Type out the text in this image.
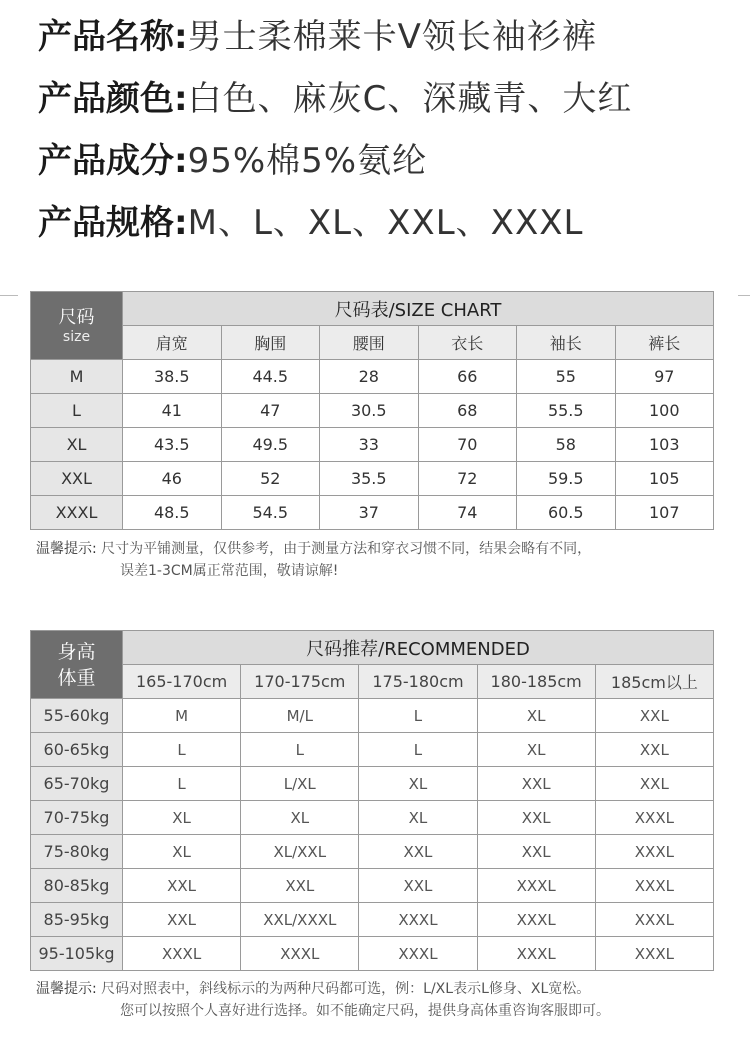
产品名称:男士柔棉莱卡V领长袖衫裤
产品颜色:白色、麻灰C、深藏青、大红
产品成分:95%棉5%氨纶
产品规格:M、L、XL、XXL、XXXL
尺码
size	尺码表/SIZE CHART					
	肩宽	胸围	腰围	衣长	袖长	裤长
M	38.5	44.5	28	66	55	97
L	41	47	30.5	68	55.5	100
XL	43.5	49.5	33	70	58	103
XXL	46	52	35.5	72	59.5	105
XXXL	48.5	54.5	37	74	60.5	107
温馨提示: 尺寸为平铺测量，仅供参考，由于测量方法和穿衣习惯不同，结果会略有不同，
误差1-3CM属正常范围，敬请谅解!
身高
体重	尺码推荐/RECOMMENDED				
	165-170cm	170-175cm	175-180cm	180-185cm	185cm以上
55-60kg	M	M/L	L	XL	XXL
60-65kg	L	L	L	XL	XXL
65-70kg	L	L/XL	XL	XXL	XXL
70-75kg	XL	XL	XL	XXL	XXXL
75-80kg	XL	XL/XXL	XXL	XXL	XXXL
80-85kg	XXL	XXL	XXL	XXXL	XXXL
85-95kg	XXL	XXL/XXXL	XXXL	XXXL	XXXL
95-105kg	XXXL	XXXL	XXXL	XXXL	XXXL
温馨提示: 尺码对照表中，斜线标示的为两种尺码都可选，例：L/XL表示L修身、XL宽松。
您可以按照个人喜好进行选择。如不能确定尺码，提供身高体重咨询客服即可。
